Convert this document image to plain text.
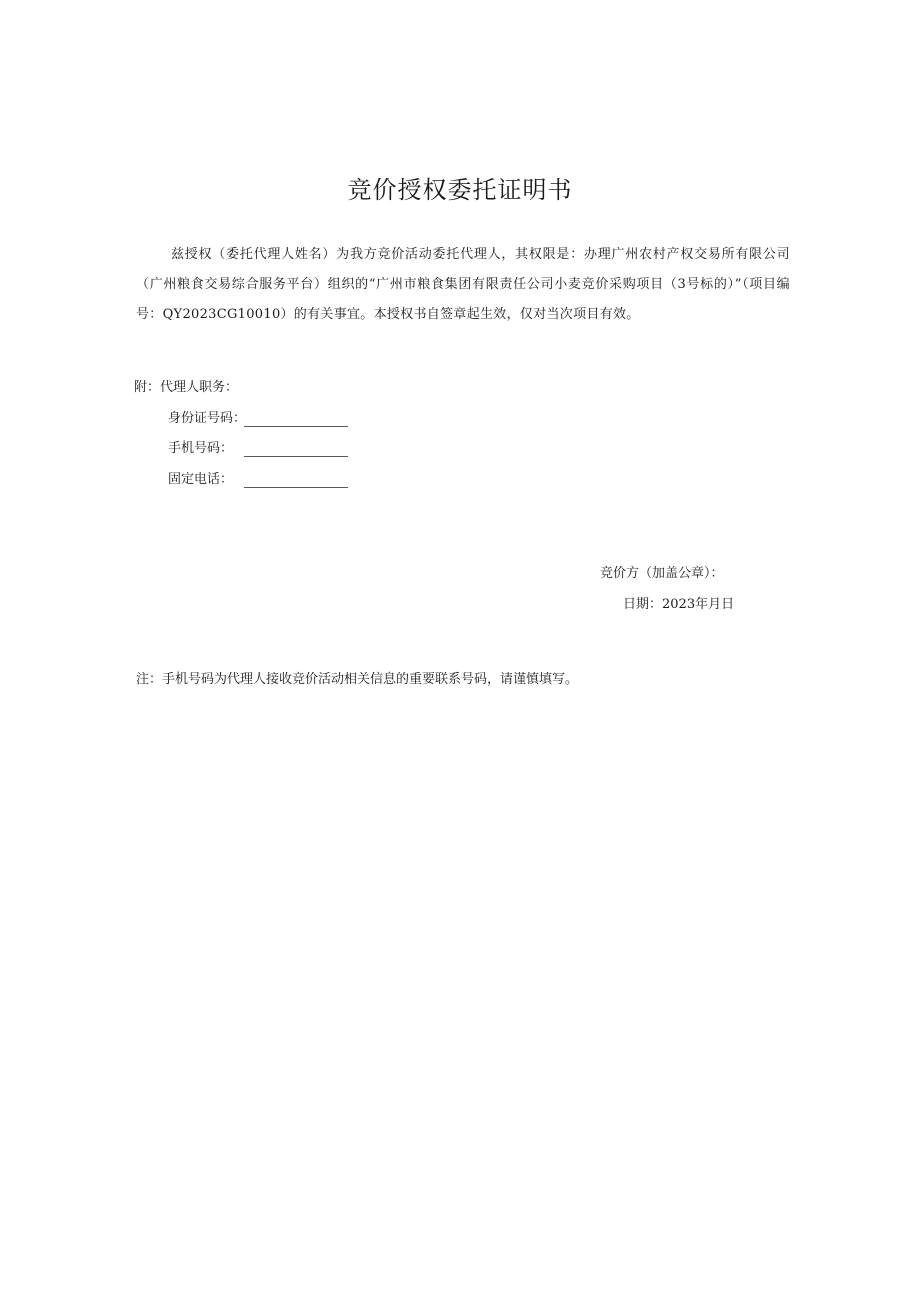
竞价授权委托证明书
兹授权（委托代理人姓名）为我方竞价活动委托代理人，其权限是：办理广州农村产权交易所有限公司（广州粮食交易综合服务平台）组织的“广州市粮食集团有限责任公司小麦竞价采购项目（3号标的）”（项目编号：QY2023CG10010）的有关事宜。本授权书自签章起生效，仅对当次项目有效。
附：代理人职务：
身份证号码：
手机号码：
固定电话：
竞价方（加盖公章）：
日期：2023年月日
注：手机号码为代理人接收竞价活动相关信息的重要联系号码，请谨慎填写。
